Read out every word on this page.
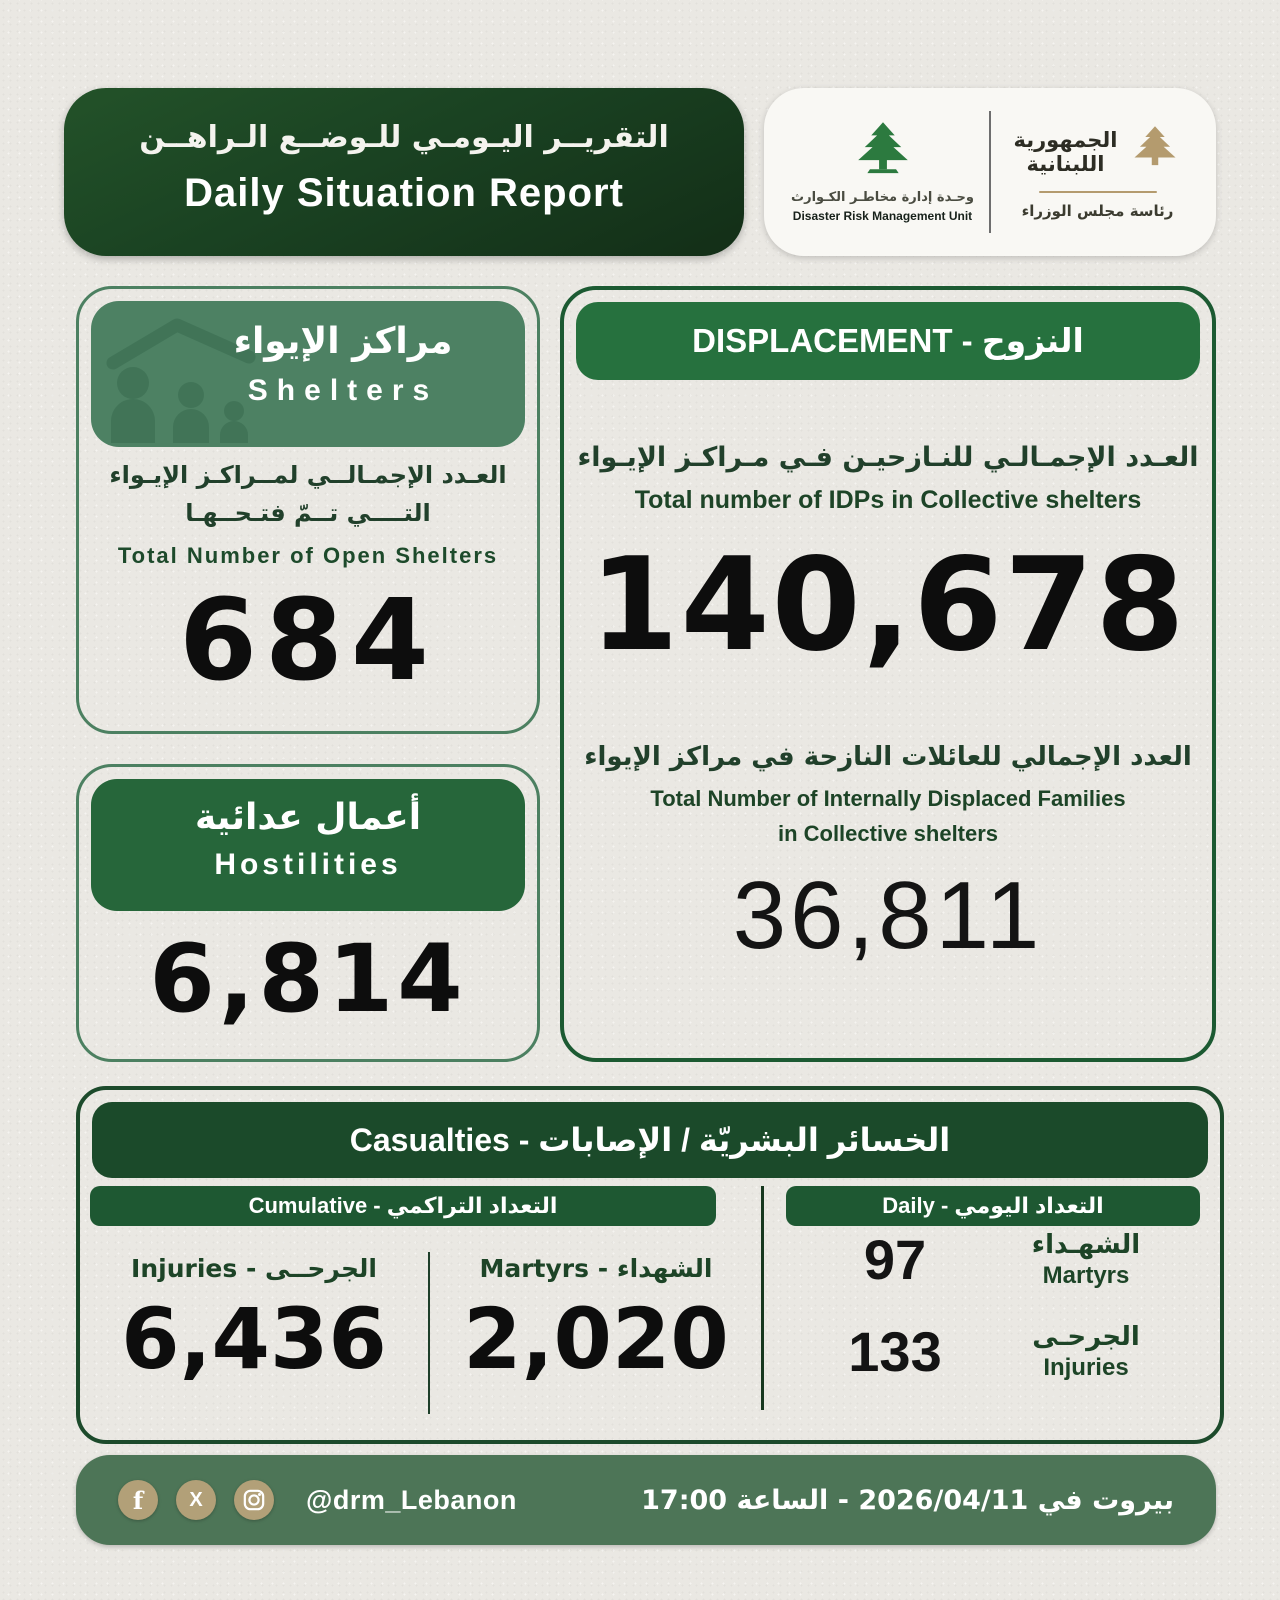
التقريــر اليـومـي للـوضــع الـراهــن
Daily Situation Report	وحـدة إدارة مخاطـر الكـوارث
Disaster Risk Management Unit
الجمهورية
اللبنانية
رئاسة مجلس الوزراء
مراكز الإيواء
Shelters
العـدد الإجمـالــي لمــراكـز الإيـواء
التــــي تــمّ فتـحــهـا
Total Number of Open Shelters
684
النزوح - DISPLACEMENT
العـدد الإجمـالـي للنـازحيـن فـي مـراكـز الإيـواء
Total number of IDPs in Collective shelters
140,678
العدد الإجمالي للعائلات النازحة في مراكز الإيواء
Total Number of Internally Displaced Families
in Collective shelters
36,811
أعمال عدائية
Hostilities
6,814
الخسائر البشريّة / الإصابات - Casualties
التعداد التراكمي - Cumulative	التعداد اليومي - Daily
الجرحــى - Injuries
6,436
الشهداء - Martyrs
2,020
97	الشهـداء
Martyrs
133	الجرحـى
Injuries
f X	@drm_Lebanon	بيروت في 2026/04/11 - الساعة 17:00
